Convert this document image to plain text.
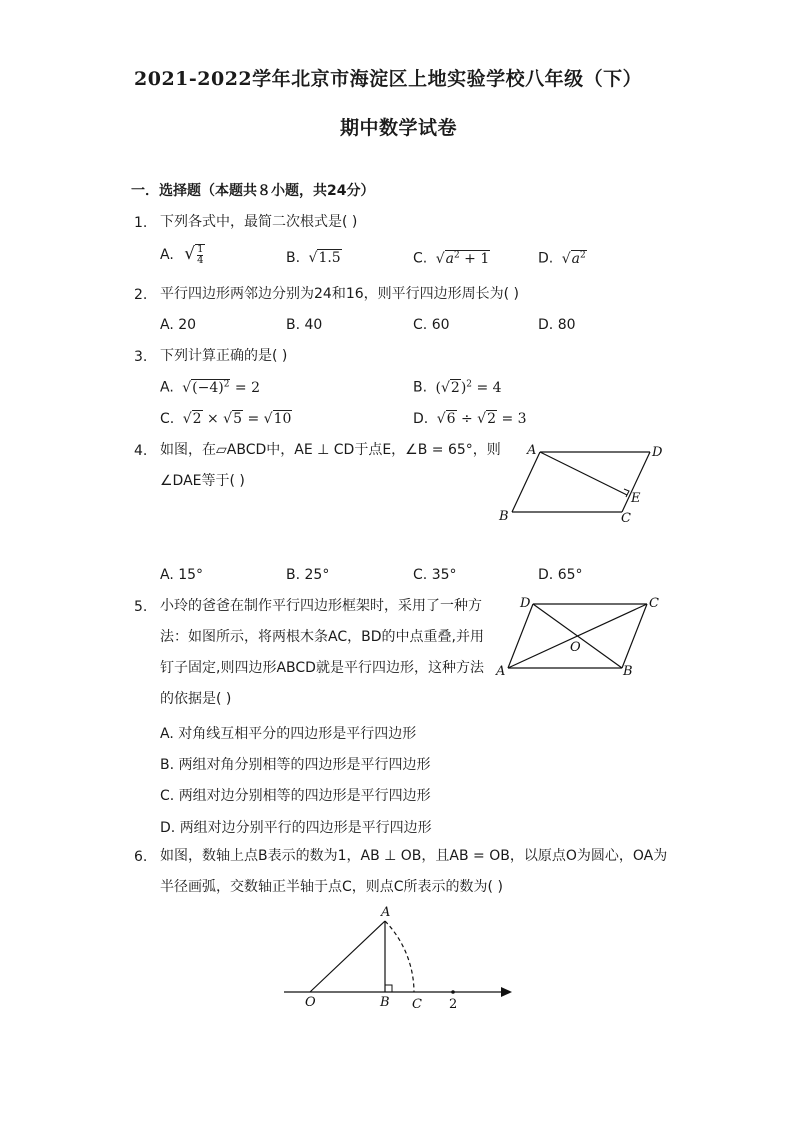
2021-2022学年北京市海淀区上地实验学校八年级（下）
期中数学试卷
一．选择题（本题共８小题，共24分）
1. 下列各式中，最简二次根式是( )
A. √ 1

4	B. √1.5	C. $√a^2 + 1$	D. $√a^2$
2. 平行四边形两邻边分别为24和16，则平行四边形周长为( )
A. 20	B. 40	C. 60	D. 80
3. 下列计算正确的是( )
A. $√(-4)^2 = 2$	B. $(√2)^2 = 4$
C. √2 × √5 = √10	D. √6 ÷ √2 = 3
4. 如图，在▱ABCD中，AE ⊥ CD于点E，∠B = 65°，则
∠DAE等于( )
A	D
E
B	C
A. 15°	B. 25°	C. 35°	D. 65°
5. 小玲的爸爸在制作平行四边形框架时，采用了一种方
法：如图所示，将两根木条AC，BD的中点重叠,并用
钉子固定,则四边形ABCD就是平行四边形，这种方法
的依据是( )
D	C
O
A	B
A. 对角线互相平分的四边形是平行四边形
B. 两组对角分别相等的四边形是平行四边形
C. 两组对边分别相等的四边形是平行四边形
D. 两组对边分别平行的四边形是平行四边形
6. 如图，数轴上点B表示的数为1，AB ⊥ OB，且AB = OB，以原点O为圆心，OA为
半径画弧，交数轴正半轴于点C，则点C所表示的数为( )
A
O	B C 2
